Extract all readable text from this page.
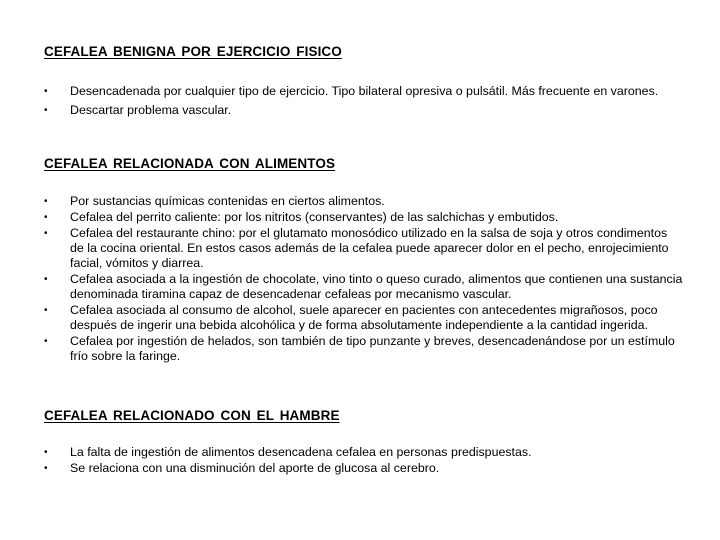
CEFALEA BENIGNA POR EJERCICIO FISICO
•	Desencadenada por cualquier tipo de ejercicio. Tipo bilateral opresiva o pulsátil. Más frecuente en varones.
•	Descartar problema vascular.
CEFALEA RELACIONADA CON ALIMENTOS
•	Por sustancias químicas contenidas en ciertos alimentos.
•	Cefalea del perrito caliente: por los nitritos (conservantes) de las salchichas y embutidos.
•	Cefalea del restaurante chino: por el glutamato monosódico utilizado en la salsa de soja y otros condimentos de la cocina oriental. En estos casos además de la cefalea puede aparecer dolor en el pecho, enrojecimiento facial, vómitos y diarrea.
•	Cefalea asociada a la ingestión de chocolate, vino tinto o queso curado, alimentos que contienen una sustancia denominada tiramina capaz de desencadenar cefaleas por mecanismo vascular.
•	Cefalea asociada al consumo de alcohol, suele aparecer en pacientes con antecedentes migrañosos, poco después de ingerir una bebida alcohólica y de forma absolutamente independiente a la cantidad ingerida.
•	Cefalea por ingestión de helados, son también de tipo punzante y breves, desencadenándose por un estímulo frío sobre la faringe.
CEFALEA RELACIONADO CON EL HAMBRE
•	La falta de ingestión de alimentos desencadena cefalea en personas predispuestas.
•	Se relaciona con una disminución del aporte de glucosa al cerebro.
